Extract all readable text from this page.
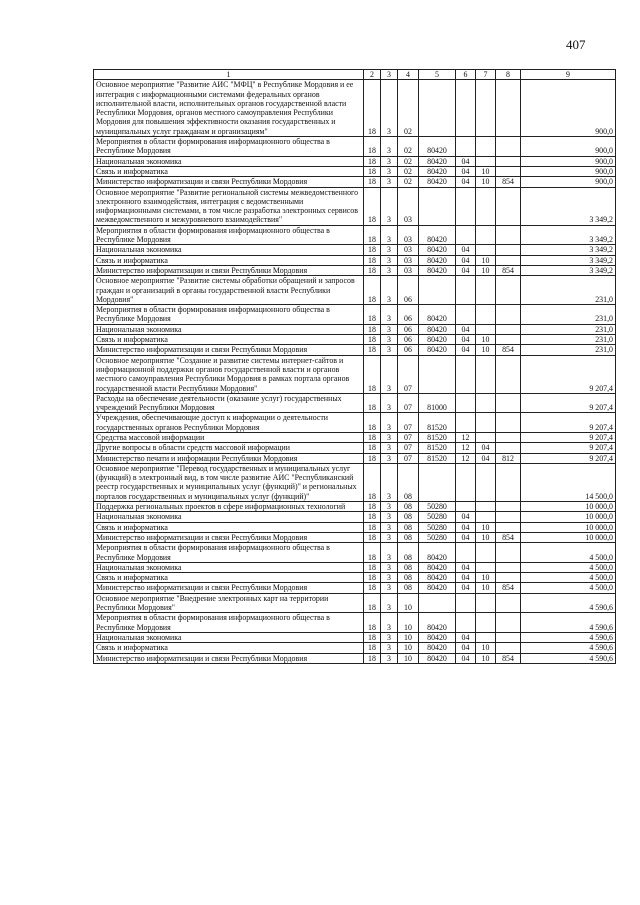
407
1	2	3	4	5	6	7	8	9
Основное мероприятие "Развитие АИС "МФЦ" в Республике Мордовия и ее интеграция с информационными системами федеральных органов исполнительной власти, исполнительных органов государственной власти Республики Мордовия, органов местного самоуправления Республики Мордовия для повышения эффективности оказания государственных и муниципальных услуг гражданам и организациям"	18	3	02					900,0
Мероприятия в области формирования информационного общества в Республике Мордовия	18	3	02	80420				900,0
Национальная экономика	18	3	02	80420	04			900,0
Связь и информатика	18	3	02	80420	04	10		900,0
Министерство информатизации и связи Республики Мордовия	18	3	02	80420	04	10	854	900,0
Основное мероприятие "Развитие региональной системы межведомственного электронного взаимодействия, интеграция с ведомственными информационными системами, в том числе разработка электронных сервисов межведомственного и межуровневого взаимодействия"	18	3	03					3 349,2
Мероприятия в области формирования информационного общества в Республике Мордовия	18	3	03	80420				3 349,2
Национальная экономика	18	3	03	80420	04			3 349,2
Связь и информатика	18	3	03	80420	04	10		3 349,2
Министерство информатизации и связи Республики Мордовия	18	3	03	80420	04	10	854	3 349,2
Основное мероприятие "Развитие системы обработки обращений и запросов граждан и организаций в органы государственной власти Республики Мордовия"	18	3	06					231,0
Мероприятия в области формирования информационного общества в Республике Мордовия	18	3	06	80420				231,0
Национальная экономика	18	3	06	80420	04			231,0
Связь и информатика	18	3	06	80420	04	10		231,0
Министерство информатизации и связи Республики Мордовия	18	3	06	80420	04	10	854	231,0
Основное мероприятие "Создание и развитие системы интернет-сайтов и информационной поддержки органов государственной власти и органов местного самоуправления Республики Мордовия в рамках портала органов государственной власти Республики Мордовия"	18	3	07					9 207,4
Расходы на обеспечение деятельности (оказание услуг) государственных учреждений Республики Мордовия	18	3	07	81000				9 207,4
Учреждения, обеспечивающие доступ к информации о деятельности государственных органов Республики Мордовия	18	3	07	81520				9 207,4
Средства массовой информации	18	3	07	81520	12			9 207,4
Другие вопросы в области средств массовой информации	18	3	07	81520	12	04		9 207,4
Министерство печати и информации Республики Мордовия	18	3	07	81520	12	04	812	9 207,4
Основное мероприятие "Перевод государственных и муниципальных услуг (функций) в электронный вид, в том числе развитие АИС "Республиканский реестр государственных и муниципальных услуг (функций)" и региональных порталов государственных и муниципальных услуг (функций)"	18	3	08					14 500,0
Поддержка региональных проектов в сфере информационных технологий	18	3	08	50280				10 000,0
Национальная экономика	18	3	08	50280	04			10 000,0
Связь и информатика	18	3	08	50280	04	10		10 000,0
Министерство информатизации и связи Республики Мордовия	18	3	08	50280	04	10	854	10 000,0
Мероприятия в области формирования информационного общества в Республике Мордовия	18	3	08	80420				4 500,0
Национальная экономика	18	3	08	80420	04			4 500,0
Связь и информатика	18	3	08	80420	04	10		4 500,0
Министерство информатизации и связи Республики Мордовия	18	3	08	80420	04	10	854	4 500,0
Основное мероприятие "Внедрение электронных карт на территории Республики Мордовия"	18	3	10					4 590,6
Мероприятия в области формирования информационного общества в Республике Мордовия	18	3	10	80420				4 590,6
Национальная экономика	18	3	10	80420	04			4 590,6
Связь и информатика	18	3	10	80420	04	10		4 590,6
Министерство информатизации и связи Республики Мордовия	18	3	10	80420	04	10	854	4 590,6
